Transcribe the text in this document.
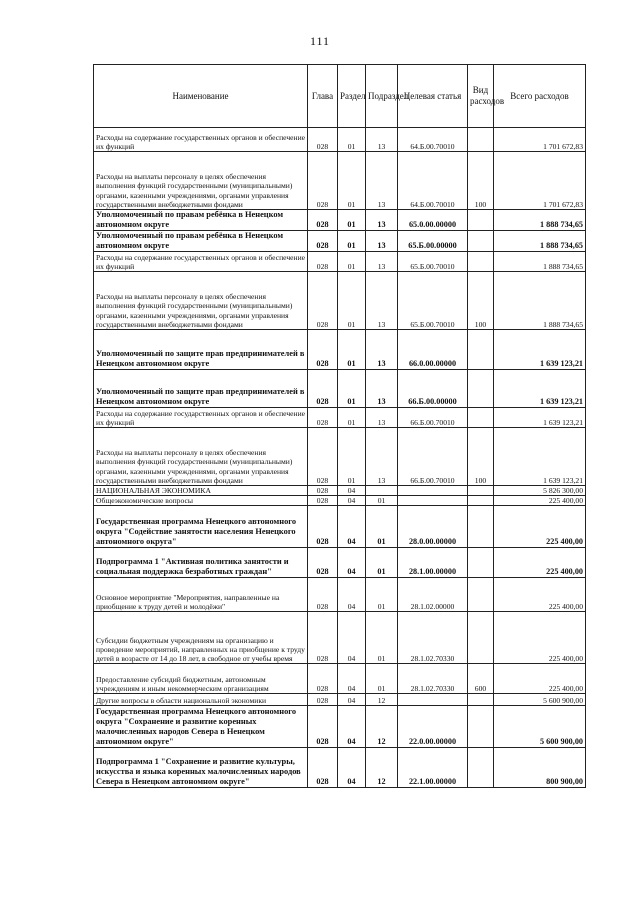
111
Наименование	Глава	Раздел	Подраздел	Целевая статья	Вид расходов	Всего расходов
Расходы на содержание государственных органов и обеспечение их функций	028	01	13	64.Б.00.70010		1 701 672,83
Расходы на выплаты персоналу в целях обеспечения выполнения функций государственными (муниципальными) органами, казенными учреждениями, органами управления государственными внебюджетными фондами	028	01	13	64.Б.00.70010	100	1 701 672,83
Уполномоченный по правам ребёнка в Ненецком автономном округе	028	01	13	65.0.00.00000		1 888 734,65
Уполномоченный по правам ребёнка в Ненецком автономном округе	028	01	13	65.Б.00.00000		1 888 734,65
Расходы на содержание государственных органов и обеспечение их функций	028	01	13	65.Б.00.70010		1 888 734,65
Расходы на выплаты персоналу в целях обеспечения выполнения функций государственными (муниципальными) органами, казенными учреждениями, органами управления государственными внебюджетными фондами	028	01	13	65.Б.00.70010	100	1 888 734,65
Уполномоченный по защите прав предпринимателей в Ненецком автономном округе	028	01	13	66.0.00.00000		1 639 123,21
Уполномоченный по защите прав предпринимателей в Ненецком автономном округе	028	01	13	66.Б.00.00000		1 639 123,21
Расходы на содержание государственных органов и обеспечение их функций	028	01	13	66.Б.00.70010		1 639 123,21
Расходы на выплаты персоналу в целях обеспечения выполнения функций государственными (муниципальными) органами, казенными учреждениями, органами управления государственными внебюджетными фондами	028	01	13	66.Б.00.70010	100	1 639 123,21
НАЦИОНАЛЬНАЯ ЭКОНОМИКА	028	04				5 826 300,00
Общеэкономические вопросы	028	04	01			225 400,00
Государственная программа Ненецкого автономного округа "Содействие занятости населения Ненецкого автономного округа"	028	04	01	28.0.00.00000		225 400,00
Подпрограмма 1 "Активная политика занятости и социальная поддержка безработных граждан"	028	04	01	28.1.00.00000		225 400,00
Основное мероприятие "Мероприятия, направленные на приобщение к труду детей и молодёжи"	028	04	01	28.1.02.00000		225 400,00
Субсидии бюджетным учреждениям на организацию и проведение мероприятий, направленных на приобщение к труду детей в возрасте от 14 до 18 лет, в свободное от учебы время	028	04	01	28.1.02.70330		225 400,00
Предоставление субсидий бюджетным, автономным учреждениям и иным некоммерческим организациям	028	04	01	28.1.02.70330	600	225 400,00
Другие вопросы в области национальной экономики	028	04	12			5 600 900,00
Государственная программа Ненецкого автономного округа "Сохранение и развитие коренных малочисленных народов Севера в Ненецком автономном округе"	028	04	12	22.0.00.00000		5 600 900,00
Подпрограмма 1 "Сохранение и развитие культуры, искусства и языка коренных малочисленных народов Севера в Ненецком автономном округе"	028	04	12	22.1.00.00000		800 900,00
